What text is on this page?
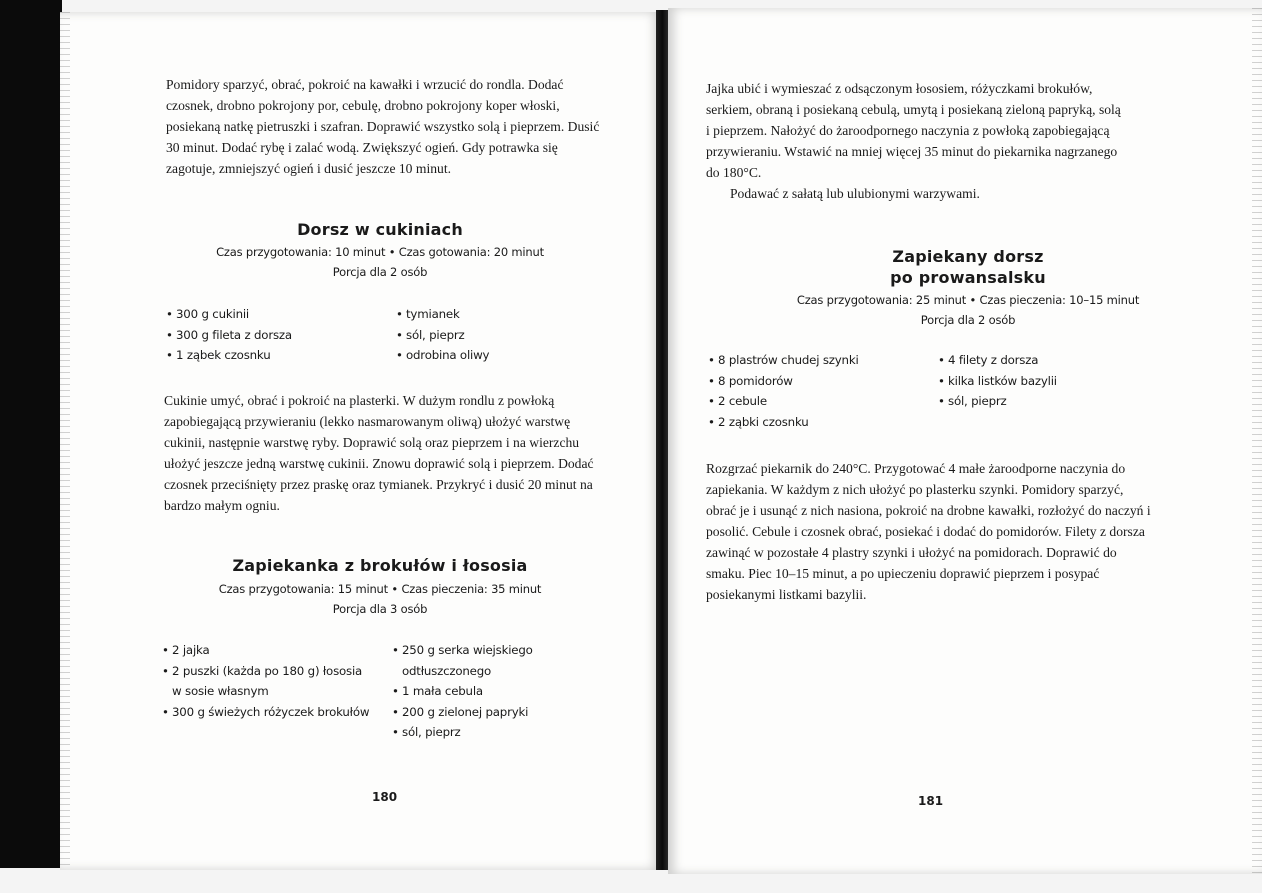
Pomidory sparzyć, obrać, pokroić na kawałki i wrzucić do rondla. Dodać czosnek, drobno pokrojony por, cebulę, drobno pokrojony koper włoski, posiekaną natkę pietruszki i szafran. Doprawić wszystko solą i pieprzem. Dusić 30 minut. Dodać rybę i zalać wodą. Zwiększyć ogień. Gdy potrawka się zagotuje, zmniejszyć ogień i dusić jeszcze 10 minut.

Dorsz w cukiniach

Czas przygotowania: 10 minut • Czas gotowania: 20 minut

Porcja dla 2 osób

• 300 g cukinii
• 300 g fileta z dorsza
• 1 ząbek czosnku
• tymianek
• sól, pieprz
• odrobina oliwy

Cukinie umyć, obrać i pokroić na plasterki. W dużym rondlu z powłoką zapobiegającą przywieraniu (lekko nasmarowanym oliwą) ułożyć warstwę cukinii, następnie warstwę ryby. Doprawić solą oraz pieprzem i na wierzchu ułożyć jeszcze jedną warstwę cukinii. Znowu doprawić solą i pieprzem. Dodać czosnek przeciśnięty przez praskę oraz tymianek. Przykryć i dusić 20 minut na bardzo małym ogniu.

Zapiekanka z brokułów i łososia

Czas przygotowania: 15 minut • Czas pieczenia: 35 minut

Porcja dla 3 osób

• 2 jajka
• 2 puszki (każda po 180 g) łososia w sosie własnym
• 300 g świeżych różyczek brokułów
• 250 g serka wiejskiego odtłuszczonego
• 1 mała cebula
• 200 g zielonej papryki
• sól, pieprz

180

Jajka ubić i wymieszać z odsączonym łososiem, różyczkami brokułów, serkiem, obraną i posiekaną cebulą, umytą i posiekaną zieloną papryką, solą i pieprzem. Nałożyć do żaroodpornego naczynia z powłoką zapobiegającą przywieraniu. Wstawić na mniej więcej 35 minut do piekarnika nagrzanego do 180°C.

Podawać z sałatą lub ulubionymi warzywami.

Zapiekany dorsz
po prowansalsku

Czas przygotowania: 25 minut • Czas pieczenia: 10–15 minut

Porcja dla 2 osób

• 8 plastrów chudej szynki
• 8 pomidorów
• 2 cebule
• 2 ząbki czosnku
• 4 filety z dorsza
• kilka listków bazylii
• sól, pieprz

Rozgrzać piekarnik do 240°C. Przygotować 4 małe żaroodporne naczynia do zapiekania. W każdym z nich ułożyć po plasterku szynki. Pomidory sparzyć, obrać je i usunąć z nich nasiona, pokroić na drobne kawałki, rozłożyć do naczyń i posolić. Cebule i czosnek obrać, posiekać i dodać do pomidorów. Filety z dorsza zawinąć w pozostałe 4 plastry szynki i ułożyć na pomidorach. Doprawić do smaku. Piec 10–15 minut, a po upieczeniu doprawić pieprzem i posypać posiekanymi listkami bazylii.

181
